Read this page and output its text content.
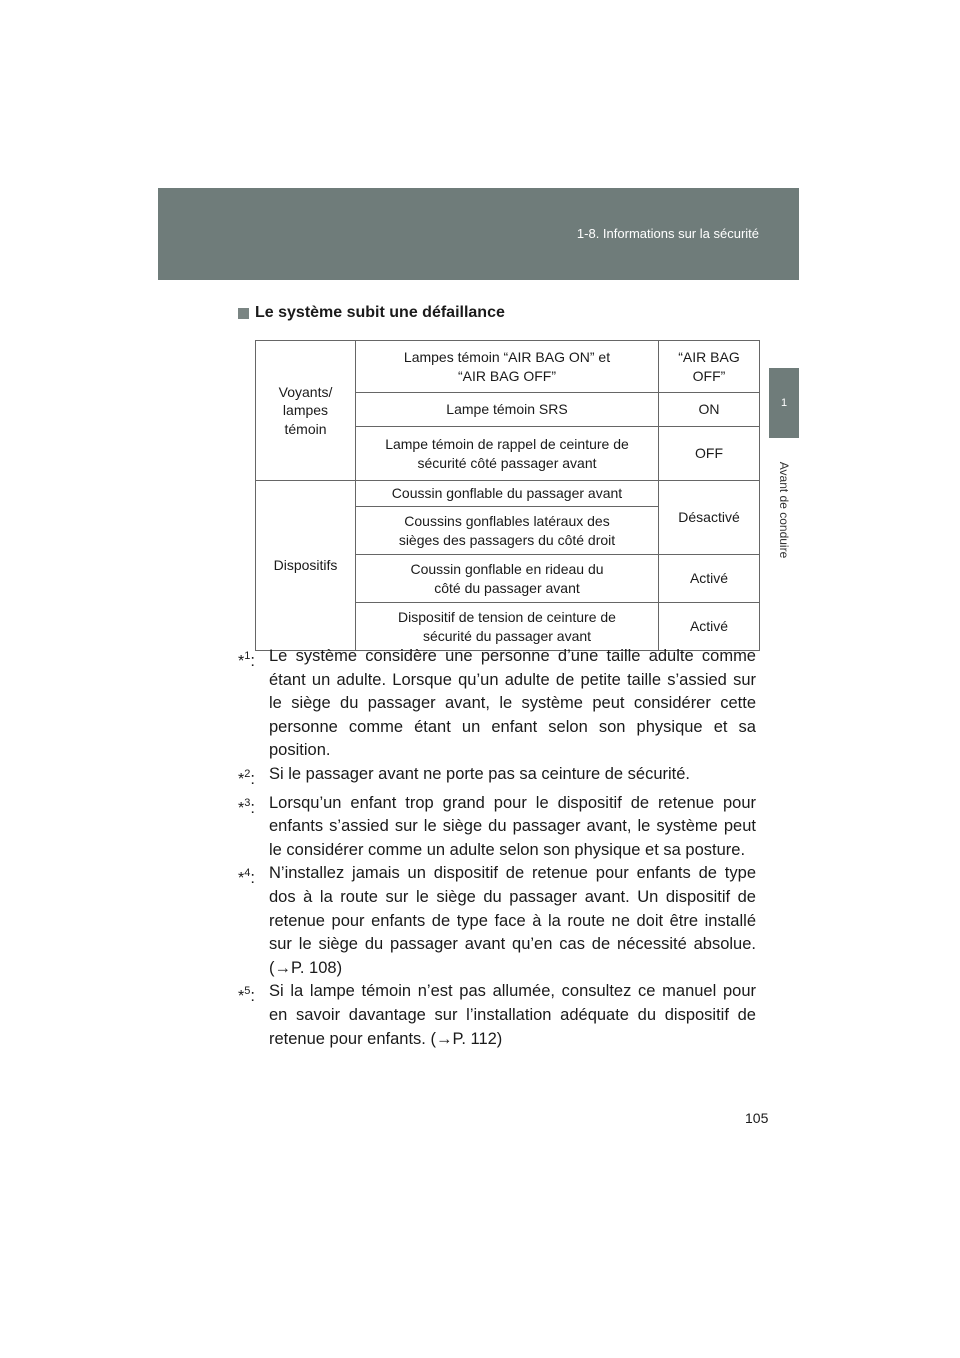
1-8. Informations sur la sécurité
1
Avant de conduire
Le système subit une défaillance
Voyants/ lampes témoin	Lampes témoin “AIR BAG ON” et “AIR BAG OFF”	“AIR BAG OFF”
	Lampe témoin SRS	ON
	Lampe témoin de rappel de ceinture de sécurité côté passager avant	OFF
Dispositifs	Coussin gonflable du passager avant	Désactivé
	Coussins gonflables latéraux des sièges des passagers du côté droit	
	Coussin gonflable en rideau du côté du passager avant	Activé
	Dispositif de tension de ceinture de sécurité du passager avant	Activé
*$^1$: Le système considère une personne d’une taille adulte comme étant un adulte. Lorsque qu’un adulte de petite taille s’assied sur le siège du passager avant, le système peut considérer cette personne comme étant un enfant selon son physique et sa position.
*$^2$: Si le passager avant ne porte pas sa ceinture de sécurité.
*$^3$: Lorsqu’un enfant trop grand pour le dispositif de retenue pour enfants s’assied sur le siège du passager avant, le système peut le considérer comme un adulte selon son physique et sa posture.
*$^4$: N’installez jamais un dispositif de retenue pour enfants de type dos à la route sur le siège du passager avant. Un dispositif de retenue pour enfants de type face à la route ne doit être installé sur le siège du passager avant qu’en cas de nécessité absolue. (→P. 108)
*$^5$: Si la lampe témoin n’est pas allumée, consultez ce manuel pour en savoir davantage sur l’installation adéquate du dispositif de retenue pour enfants. (→P. 112)
105
